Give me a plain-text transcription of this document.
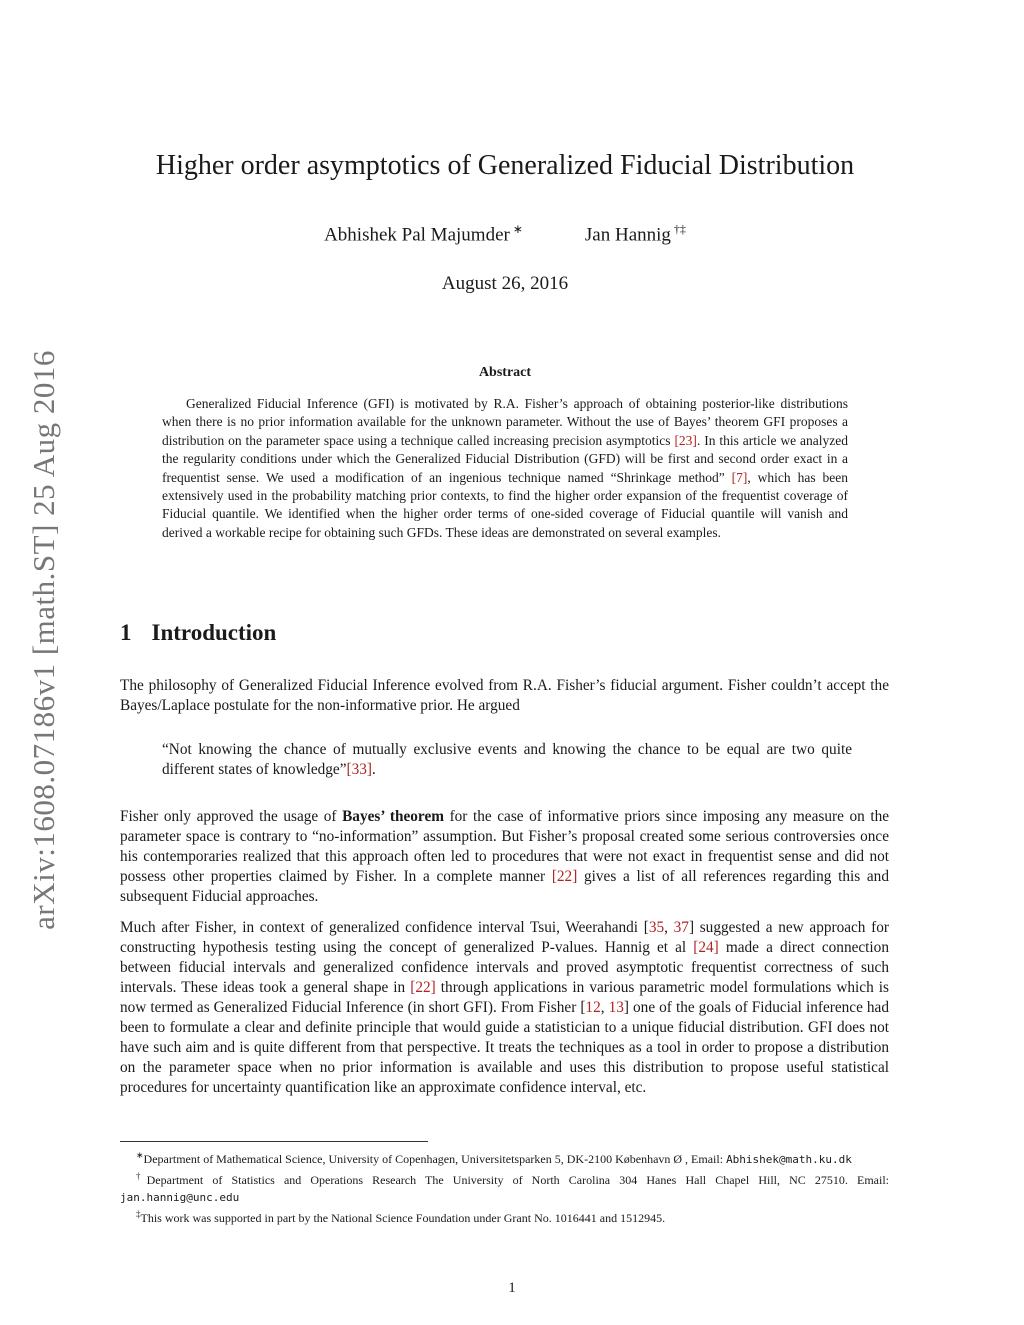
arXiv:1608.07186v1 [math.ST] 25 Aug 2016
Higher order asymptotics of Generalized Fiducial Distribution
Abhishek Pal Majumder ∗	Jan Hannig †‡
August 26, 2016
Abstract
Generalized Fiducial Inference (GFI) is motivated by R.A. Fisher’s approach of obtaining posterior-like distributions when there is no prior information available for the unknown parameter. Without the use of Bayes’ theorem GFI proposes a distribution on the parameter space using a technique called increasing precision asymptotics [23]. In this article we analyzed the regularity conditions under which the Generalized Fiducial Distribution (GFD) will be first and second order exact in a frequentist sense. We used a modification of an ingenious technique named “Shrinkage method” [7], which has been extensively used in the probability matching prior contexts, to find the higher order expansion of the frequentist coverage of Fiducial quantile. We identified when the higher order terms of one-sided coverage of Fiducial quantile will vanish and derived a workable recipe for obtaining such GFDs. These ideas are demonstrated on several examples.
1 Introduction
The philosophy of Generalized Fiducial Inference evolved from R.A. Fisher’s fiducial argument. Fisher couldn’t accept the Bayes/Laplace postulate for the non-informative prior. He argued
“Not knowing the chance of mutually exclusive events and knowing the chance to be equal are two quite different states of knowledge”[33].
Fisher only approved the usage of Bayes’ theorem for the case of informative priors since imposing any measure on the parameter space is contrary to “no-information” assumption. But Fisher’s proposal created some serious controversies once his contemporaries realized that this approach often led to procedures that were not exact in frequentist sense and did not possess other properties claimed by Fisher. In a complete manner [22] gives a list of all references regarding this and subsequent Fiducial approaches.
Much after Fisher, in context of generalized confidence interval Tsui, Weerahandi [35, 37] suggested a new approach for constructing hypothesis testing using the concept of generalized P-values. Hannig et al [24] made a direct connection between fiducial intervals and generalized confidence intervals and proved asymptotic frequentist correctness of such intervals. These ideas took a general shape in [22] through applications in various parametric model formulations which is now termed as Generalized Fiducial Inference (in short GFI). From Fisher [12, 13] one of the goals of Fiducial inference had been to formulate a clear and definite principle that would guide a statistician to a unique fiducial distribution. GFI does not have such aim and is quite different from that perspective. It treats the techniques as a tool in order to propose a distribution on the parameter space when no prior information is available and uses this distribution to propose useful statistical procedures for uncertainty quantification like an approximate confidence interval, etc.

∗Department of Mathematical Science, University of Copenhagen, Universitetsparken 5, DK-2100 København Ø , Email: Abhishek@math.ku.dk

†Department of Statistics and Operations Research The University of North Carolina 304 Hanes Hall Chapel Hill, NC 27510. Email: jan.hannig@unc.edu

‡This work was supported in part by the National Science Foundation under Grant No. 1016441 and 1512945.

1
